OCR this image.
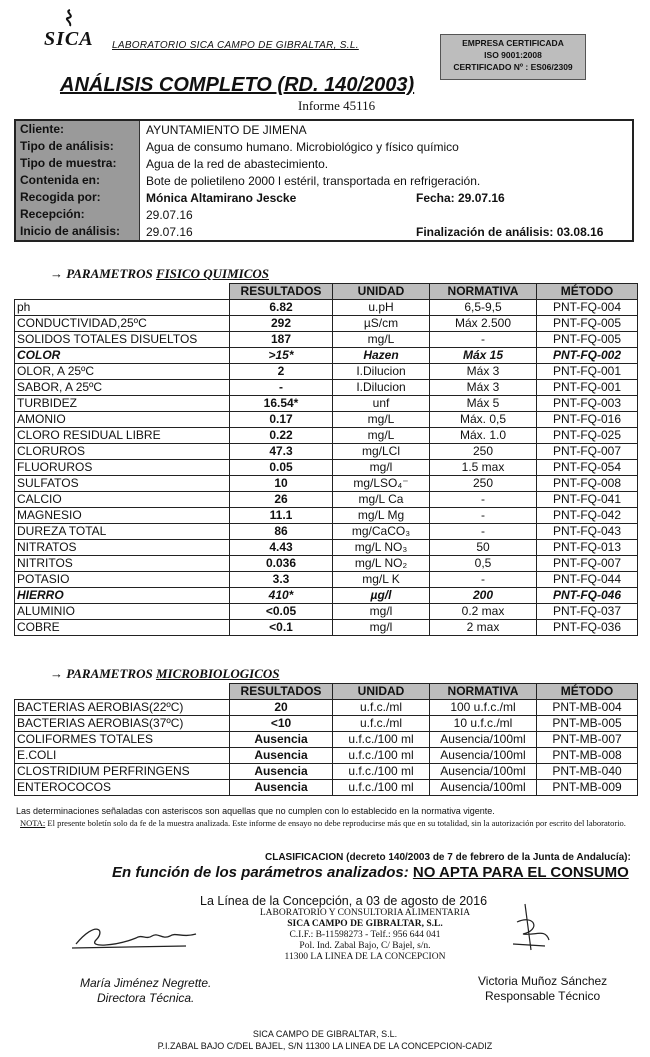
SICA LABORATORIO SICA CAMPO DE GIBRALTAR, S.L.	EMPRESA CERTIFICADA
ISO 9001:2008
CERTIFICADO Nº : ES06/2309
ANÁLISIS COMPLETO (RD. 140/2003)
Informe 45116
Cliente:	AYUNTAMIENTO DE JIMENA
Tipo de análisis:	Agua de consumo humano. Microbiológico y físico químico
Tipo de muestra:	Agua de la red de abastecimiento.
Contenida en:	Bote de polietileno 2000 l estéril, transportada en refrigeración.
Recogida por:	Mónica Altamirano Jescke	Fecha: 29.07.16
Recepción:	29.07.16
Inicio de análisis:	29.07.16	Finalización de análisis: 03.08.16
→ PARAMETROS FISICO QUIMICOS
	RESULTADOS	UNIDAD	NORMATIVA	MÉTODO
ph	6.82	u.pH	6,5-9,5	PNT-FQ-004
CONDUCTIVIDAD,25ºC	292	µS/cm	Máx 2.500	PNT-FQ-005
SOLIDOS TOTALES DISUELTOS	187	mg/L	-	PNT-FQ-005
COLOR	>15*	Hazen	Máx 15	PNT-FQ-002
OLOR, A 25ºC	2	I.Dilucion	Máx 3	PNT-FQ-001
SABOR, A 25ºC	-	I.Dilucion	Máx 3	PNT-FQ-001
TURBIDEZ	16.54*	unf	Máx 5	PNT-FQ-003
AMONIO	0.17	mg/L	Máx. 0,5	PNT-FQ-016
CLORO RESIDUAL LIBRE	0.22	mg/L	Máx. 1.0	PNT-FQ-025
CLORUROS	47.3	mg/LCl	250	PNT-FQ-007
FLUORUROS	0.05	mg/l	1.5 max	PNT-FQ-054
SULFATOS	10	mg/LSO₄⁻	250	PNT-FQ-008
CALCIO	26	mg/L Ca	-	PNT-FQ-041
MAGNESIO	11.1	mg/L Mg	-	PNT-FQ-042
DUREZA TOTAL	86	mg/CaCO₃	-	PNT-FQ-043
NITRATOS	4.43	mg/L NO₃	50	PNT-FQ-013
NITRITOS	0.036	mg/L NO₂	0,5	PNT-FQ-007
POTASIO	3.3	mg/L K	-	PNT-FQ-044
HIERRO	410*	µg/l	200	PNT-FQ-046
ALUMINIO	<0.05	mg/l	0.2 max	PNT-FQ-037
COBRE	<0.1	mg/l	2 max	PNT-FQ-036
→ PARAMETROS MICROBIOLOGICOS
	RESULTADOS	UNIDAD	NORMATIVA	MÉTODO
BACTERIAS AEROBIAS(22ºC)	20	u.f.c./ml	100 u.f.c./ml	PNT-MB-004
BACTERIAS AEROBIAS(37ºC)	<10	u.f.c./ml	10 u.f.c./ml	PNT-MB-005
COLIFORMES TOTALES	Ausencia	u.f.c./100 ml	Ausencia/100ml	PNT-MB-007
E.COLI	Ausencia	u.f.c./100 ml	Ausencia/100ml	PNT-MB-008
CLOSTRIDIUM PERFRINGENS	Ausencia	u.f.c./100 ml	Ausencia/100ml	PNT-MB-040
ENTEROCOCOS	Ausencia	u.f.c./100 ml	Ausencia/100ml	PNT-MB-009
Las determinaciones señaladas con asteriscos son aquellas que no cumplen con lo establecido en la normativa vigente.
NOTA: El presente boletín solo da fe de la muestra analizada. Este informe de ensayo no debe reproducirse más que en su totalidad, sin la autorización por escrito del laboratorio.
CLASIFICACION (decreto 140/2003 de 7 de febrero de la Junta de Andalucía):
En función de los parámetros analizados: NO APTA PARA EL CONSUMO
La Línea de la Concepción, a 03 de agosto de 2016
LABORATORIO Y CONSULTORIA ALIMENTARIA
SICA CAMPO DE GIBRALTAR, S.L.
C.I.F.: B-11598273 - Telf.: 956 644 041
Pol. Ind. Zabal Bajo, C/ Bajel, s/n.
11300 LA LINEA DE LA CONCEPCION
María Jiménez Negrette.
Directora Técnica.
Victoria Muñoz Sánchez
Responsable Técnico
SICA CAMPO DE GIBRALTAR, S.L.
P.I.ZABAL BAJO C/DEL BAJEL, S/N 11300 LA LINEA DE LA CONCEPCION-CADIZ
